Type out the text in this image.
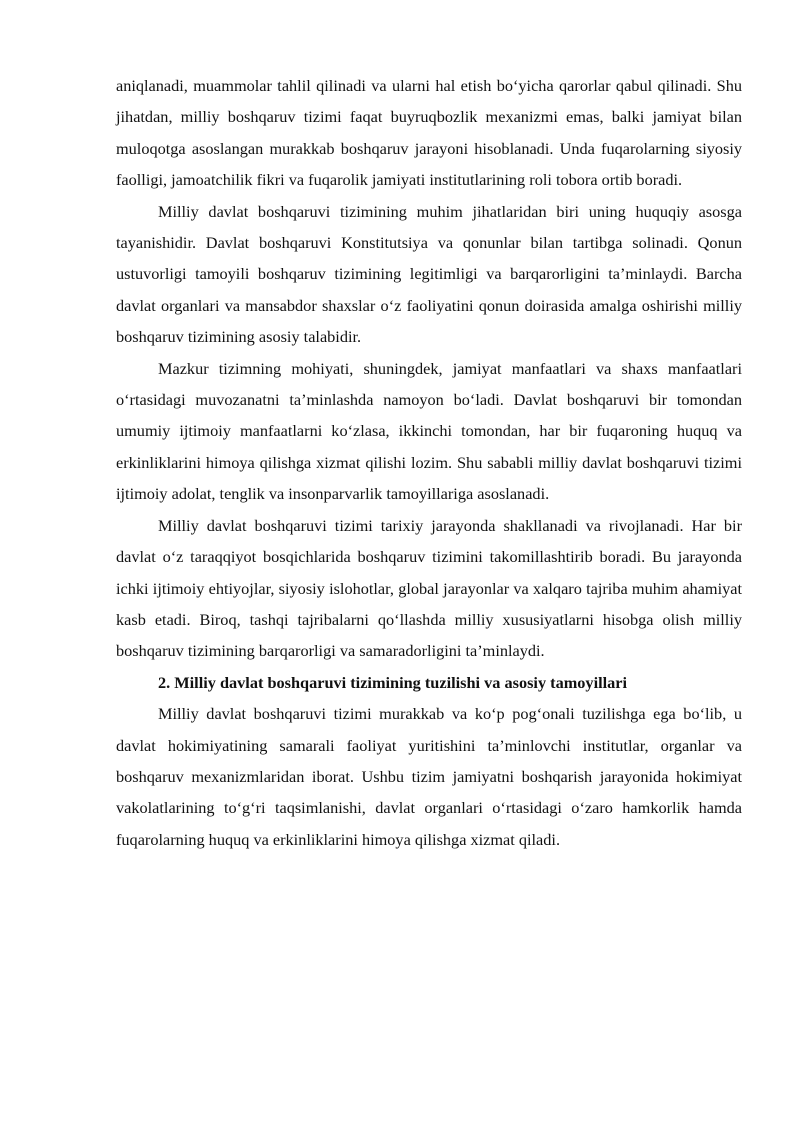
aniqlanadi, muammolar tahlil qilinadi va ularni hal etish boʻyicha qarorlar qabul qilinadi. Shu jihatdan, milliy boshqaruv tizimi faqat buyruqbozlik mexanizmi emas, balki jamiyat bilan muloqotga asoslangan murakkab boshqaruv jarayoni hisoblanadi. Unda fuqarolarning siyosiy faolligi, jamoatchilik fikri va fuqarolik jamiyati institutlarining roli tobora ortib boradi.

Milliy davlat boshqaruvi tizimining muhim jihatlaridan biri uning huquqiy asosga tayanishidir. Davlat boshqaruvi Konstitutsiya va qonunlar bilan tartibga solinadi. Qonun ustuvorligi tamoyili boshqaruv tizimining legitimligi va barqarorligini taʼminlaydi. Barcha davlat organlari va mansabdor shaxslar oʻz faoliyatini qonun doirasida amalga oshirishi milliy boshqaruv tizimining asosiy talabidir.

Mazkur tizimning mohiyati, shuningdek, jamiyat manfaatlari va shaxs manfaatlari oʻrtasidagi muvozanatni taʼminlashda namoyon boʻladi. Davlat boshqaruvi bir tomondan umumiy ijtimoiy manfaatlarni koʻzlasa, ikkinchi tomondan, har bir fuqaroning huquq va erkinliklarini himoya qilishga xizmat qilishi lozim. Shu sababli milliy davlat boshqaruvi tizimi ijtimoiy adolat, tenglik va insonparvarlik tamoyillariga asoslanadi.

Milliy davlat boshqaruvi tizimi tarixiy jarayonda shakllanadi va rivojlanadi. Har bir davlat oʻz taraqqiyot bosqichlarida boshqaruv tizimini takomillashtirib boradi. Bu jarayonda ichki ijtimoiy ehtiyojlar, siyosiy islohotlar, global jarayonlar va xalqaro tajriba muhim ahamiyat kasb etadi. Biroq, tashqi tajribalarni qoʻllashda milliy xususiyatlarni hisobga olish milliy boshqaruv tizimining barqarorligi va samaradorligini taʼminlaydi.

2. Milliy davlat boshqaruvi tizimining tuzilishi va asosiy tamoyillari

Milliy davlat boshqaruvi tizimi murakkab va koʻp pogʻonali tuzilishga ega boʻlib, u davlat hokimiyatining samarali faoliyat yuritishini taʼminlovchi institutlar, organlar va boshqaruv mexanizmlaridan iborat. Ushbu tizim jamiyatni boshqarish jarayonida hokimiyat vakolatlarining toʻgʻri taqsimlanishi, davlat organlari oʻrtasidagi oʻzaro hamkorlik hamda fuqarolarning huquq va erkinliklarini himoya qilishga xizmat qiladi.
